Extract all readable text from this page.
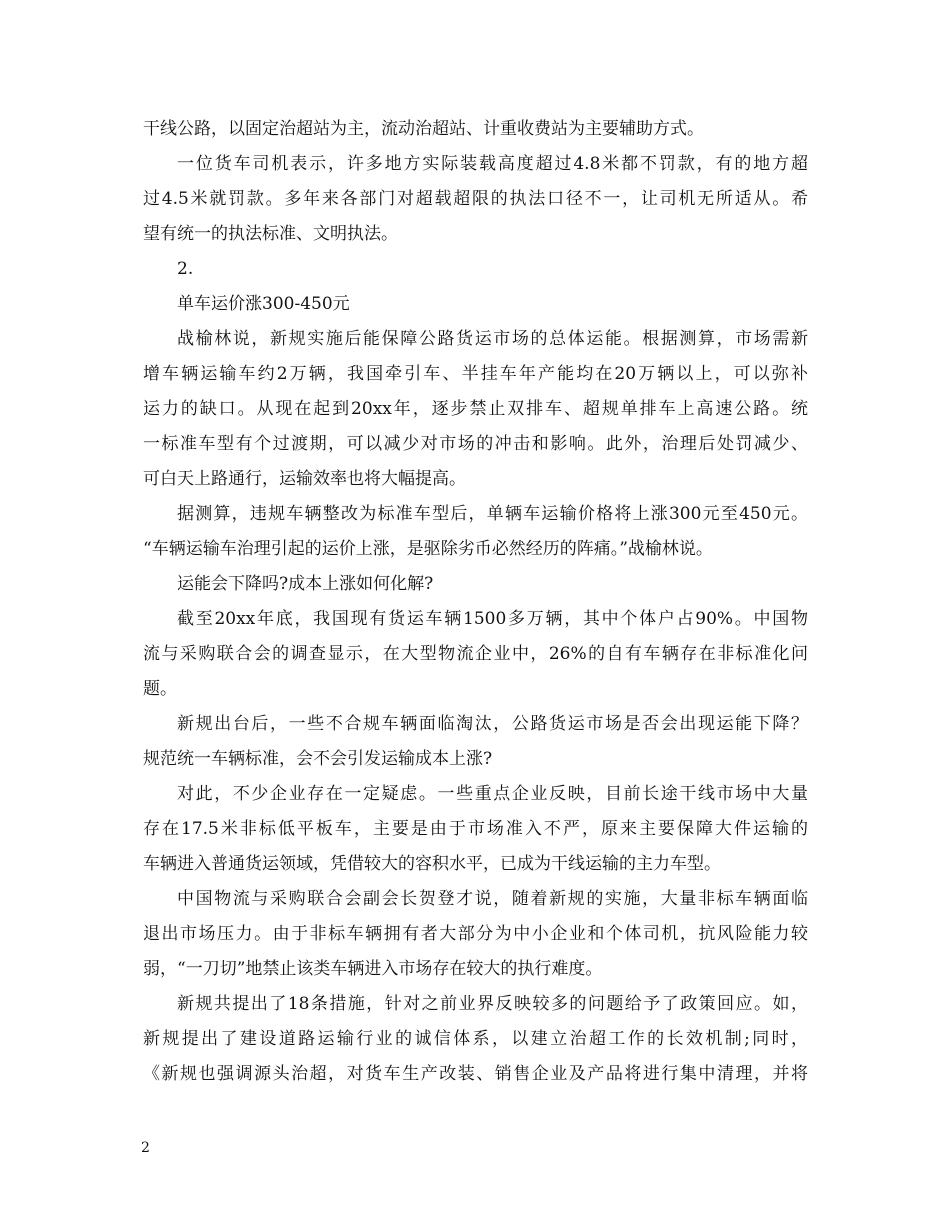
干线公路，以固定治超站为主，流动治超站、计重收费站为主要辅助方式。
一位货车司机表示，许多地方实际装载高度超过4.8米都不罚款，有的地方超
过4.5米就罚款。多年来各部门对超载超限的执法口径不一，让司机无所适从。希
望有统一的执法标准、文明执法。
2.
单车运价涨300-450元
战榆林说，新规实施后能保障公路货运市场的总体运能。根据测算，市场需新
增车辆运输车约2万辆，我国牵引车、半挂车年产能均在20万辆以上，可以弥补
运力的缺口。从现在起到20xx年，逐步禁止双排车、超规单排车上高速公路。统
一标准车型有个过渡期，可以减少对市场的冲击和影响。此外，治理后处罚减少、
可白天上路通行，运输效率也将大幅提高。
据测算，违规车辆整改为标准车型后，单辆车运输价格将上涨300元至450元。
“车辆运输车治理引起的运价上涨，是驱除劣币必然经历的阵痛。”战榆林说。
运能会下降吗?成本上涨如何化解?
截至20xx年底，我国现有货运车辆1500多万辆，其中个体户占90%。中国物
流与采购联合会的调查显示，在大型物流企业中，26%的自有车辆存在非标准化问
题。
新规出台后，一些不合规车辆面临淘汰，公路货运市场是否会出现运能下降？
规范统一车辆标准，会不会引发运输成本上涨?
对此，不少企业存在一定疑虑。一些重点企业反映，目前长途干线市场中大量
存在17.5米非标低平板车，主要是由于市场准入不严，原来主要保障大件运输的
车辆进入普通货运领域，凭借较大的容积水平，已成为干线运输的主力车型。
中国物流与采购联合会副会长贺登才说，随着新规的实施，大量非标车辆面临
退出市场压力。由于非标车辆拥有者大部分为中小企业和个体司机，抗风险能力较
弱，“一刀切”地禁止该类车辆进入市场存在较大的执行难度。
新规共提出了18条措施，针对之前业界反映较多的问题给予了政策回应。如，
新规提出了建设道路运输行业的诚信体系，以建立治超工作的长效机制;同时，
《新规也强调源头治超，对货车生产改装、销售企业及产品将进行集中清理，并将
2
